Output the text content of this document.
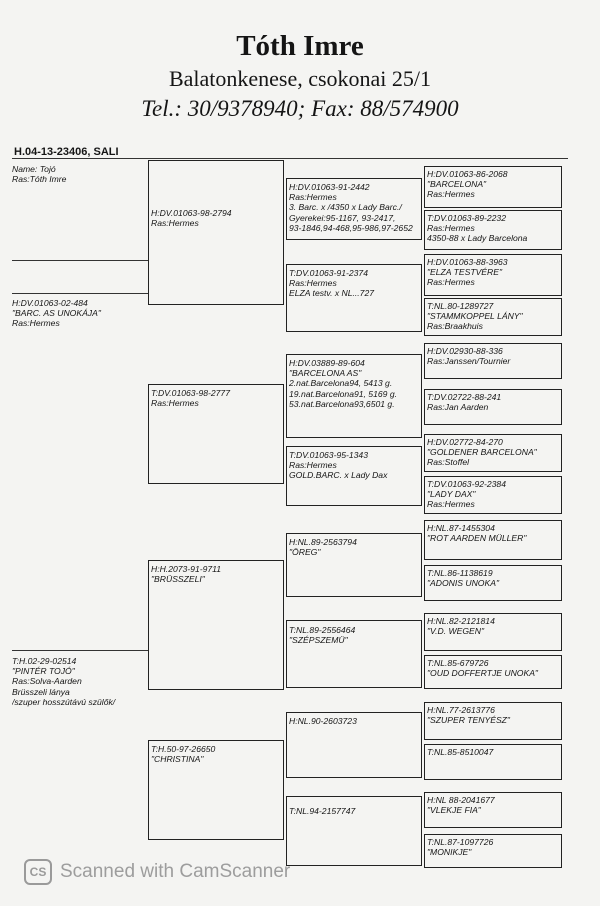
Tóth Imre
Balatonkenese, csokonai 25/1
Tel.: 30/9378940; Fax: 88/574900
H.04-13-23406, SALI
Name: Tojó
Ras:Tóth Imre
H:DV.01063-02-484
"BARC. AS UNOKÁJA"
Ras:Hermes
T:H.02-29-02514
"PINTÉR TOJÓ"
Ras:Solva-Aarden
Brüsszeli lánya
/szuper hosszútávú szülők/
H:DV.01063-98-2794
Ras:Hermes
T:DV.01063-98-2777
Ras:Hermes
H:H.2073-91-9711
"BRÜSSZELI"
T:H.50-97-26650
"CHRISTINA"
H:DV.01063-91-2442
Ras:Hermes
3. Barc. x /4350 x Lady Barc./
Gyerekei:95-1167, 93-2417,
93-1846,94-468,95-986,97-2652
T:DV.01063-91-2374
Ras:Hermes
ELZA testv. x NL...727
H:DV.03889-89-604
"BARCELONA AS"
2.nat.Barcelona94, 5413 g.
19.nat.Barcelona91, 5169 g.
53.nat.Barcelona93,6501 g.
T:DV.01063-95-1343
Ras:Hermes
GOLD.BARC. x Lady Dax
H:NL.89-2563794
"ÖREG"
T:NL.89-2556464
"SZÉPSZEMÜ"
H:NL.90-2603723
T:NL.94-2157747
H:DV.01063-86-2068
"BARCELONA"
Ras:Hermes
T:DV.01063-89-2232
Ras:Hermes
4350-88 x Lady Barcelona
H:DV.01063-88-3963
"ELZA TESTVÉRE"
Ras:Hermes
T:NL.80-1289727
"STAMMKOPPEL LÁNY"
Ras:Braakhuis
H:DV.02930-88-336
Ras:Janssen/Tournier
T:DV.02722-88-241
Ras:Jan Aarden
H:DV.02772-84-270
"GOLDENER BARCELONA"
Ras:Stoffel
T:DV.01063-92-2384
"LADY DAX"
Ras:Hermes
H:NL.87-1455304
"ROT AARDEN MÜLLER"
T:NL.86-1138619
"ADONIS UNOKA"
H:NL.82-2121814
"V.D. WEGEN"
T:NL.85-679726
"OUD DOFFERTJE UNOKA"
H:NL.77-2613776
"SZUPER TENYÉSZ"
T:NL.85-8510047
H:NL 88-2041677
"VLEKJE FIA"
T:NL.87-1097726
"MONIKJE"
CS Scanned with CamScanner
